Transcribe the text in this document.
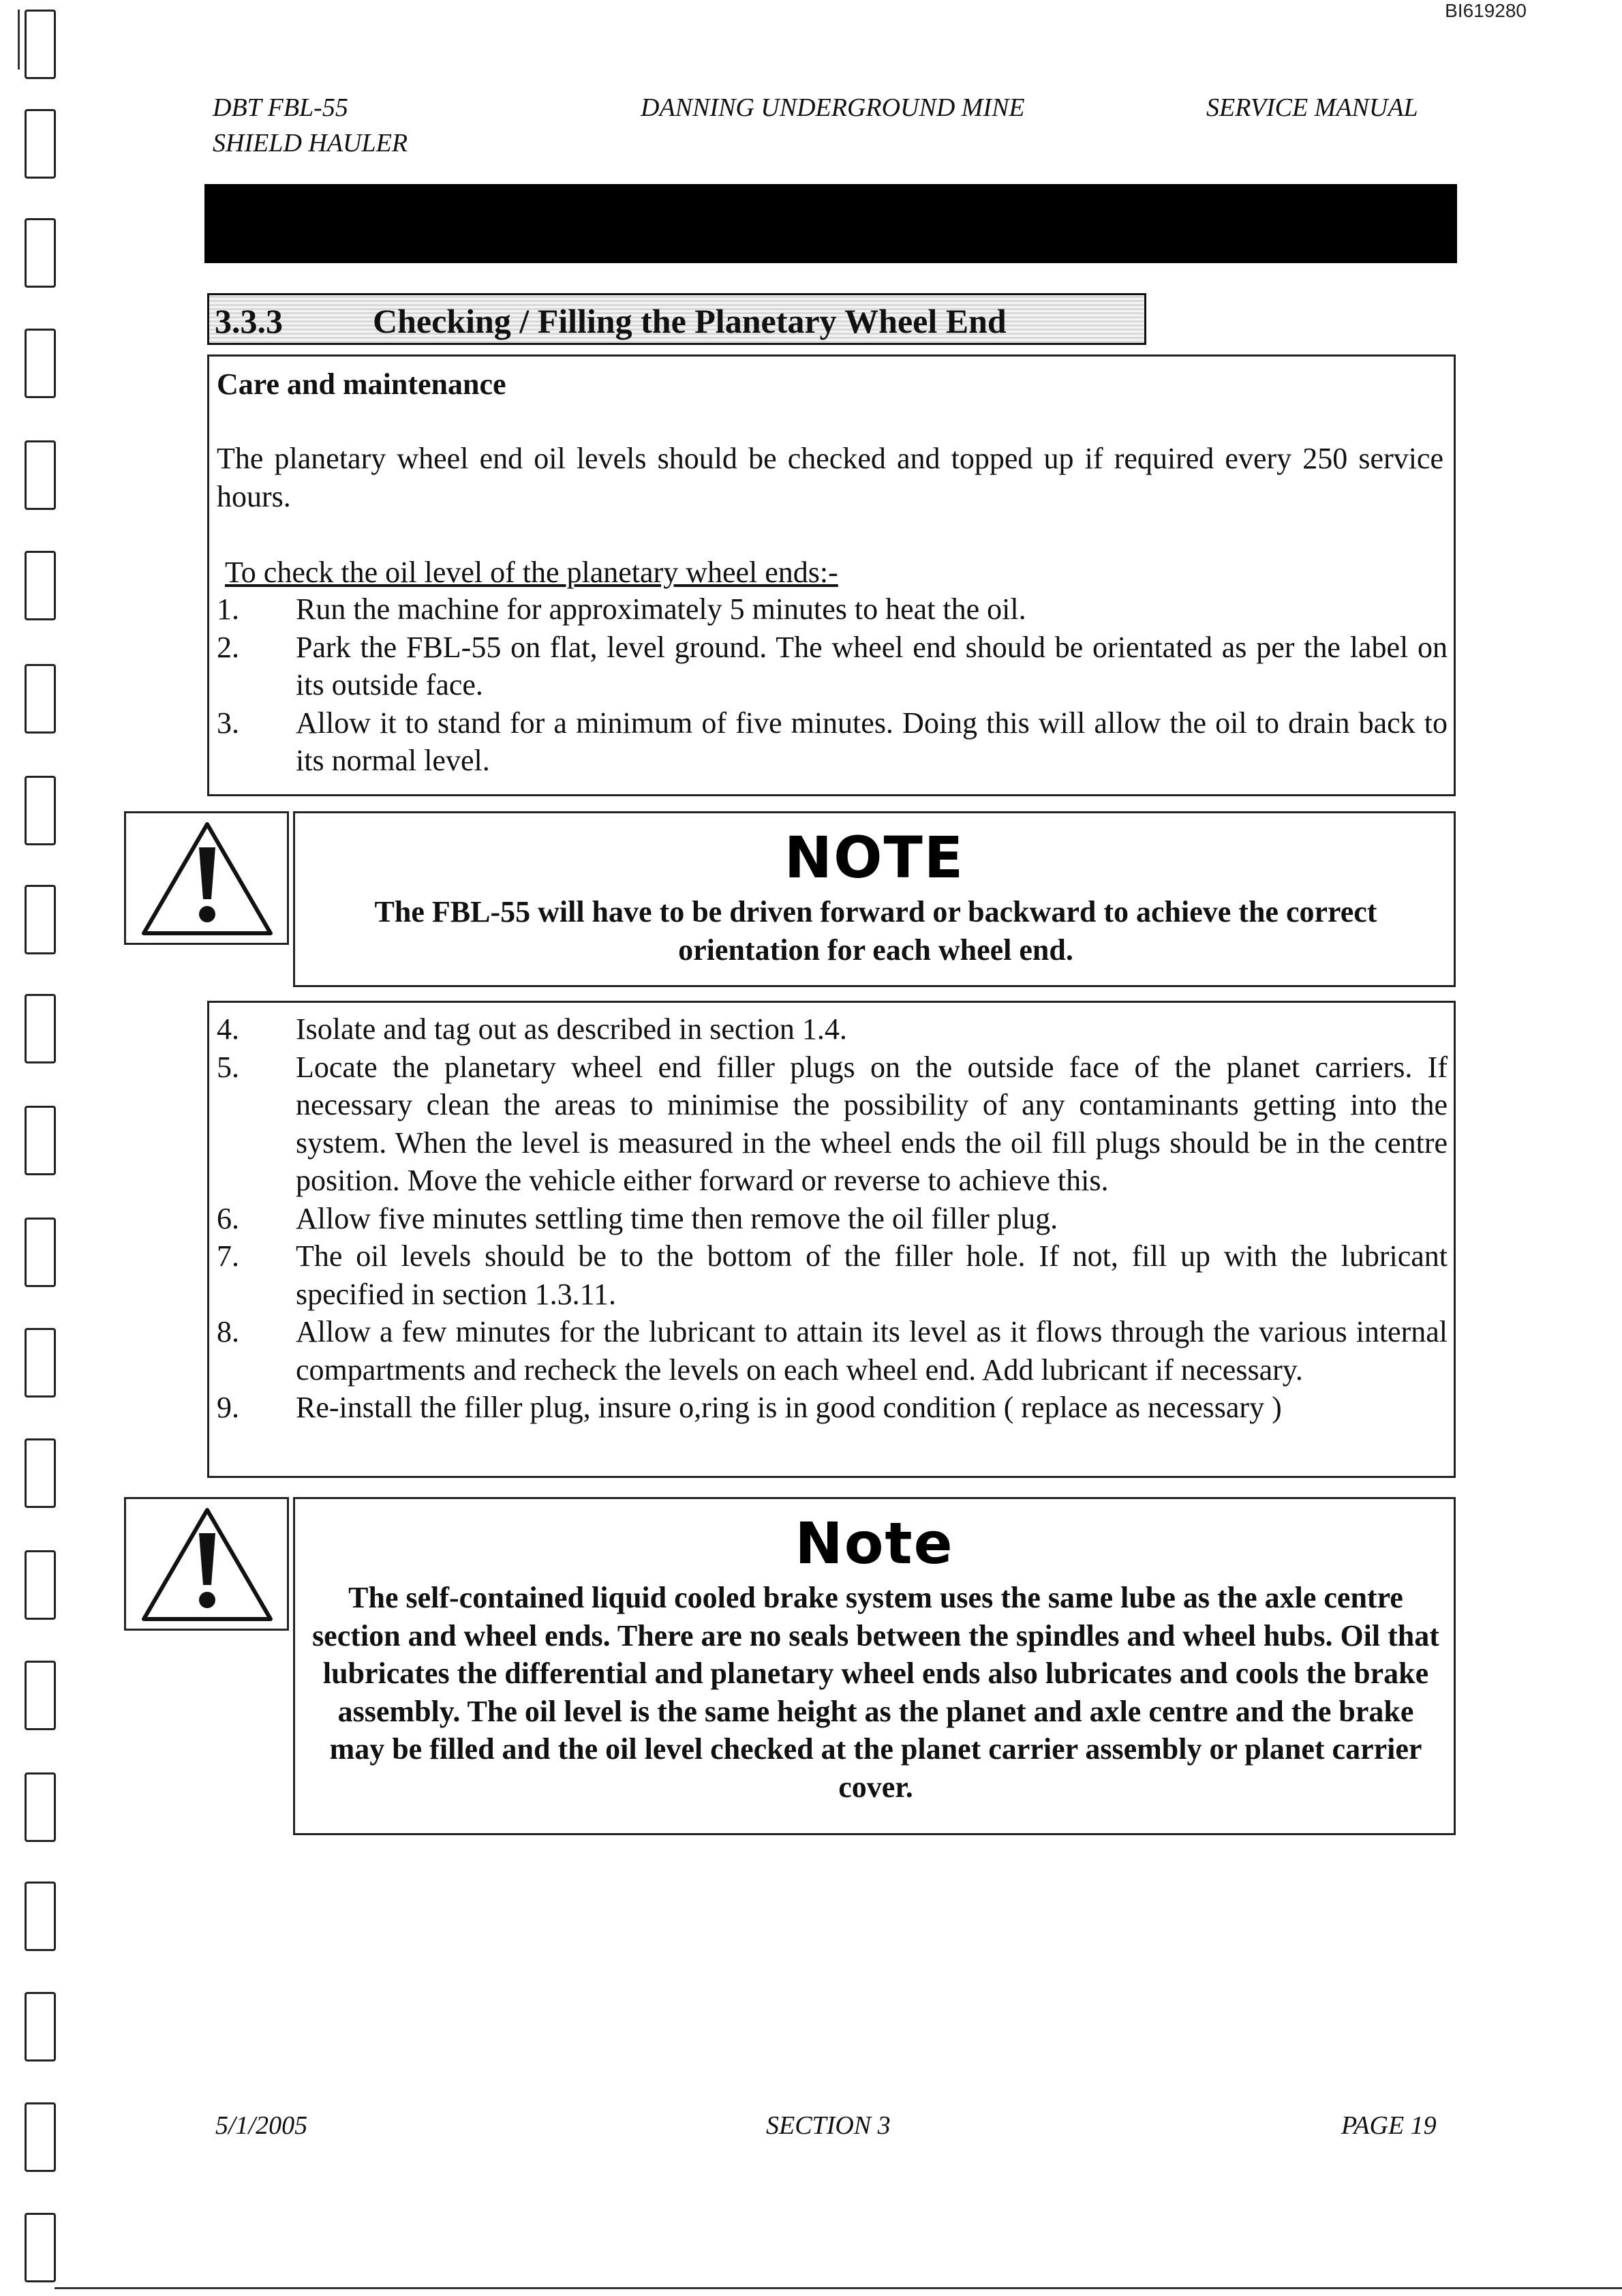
BI619280
DBT FBL-55
SHIELD HAULER
DANNING UNDERGROUND MINE	SERVICE MANUAL
3.3.3	Checking / Filling the Planetary Wheel End
Care and maintenance
The planetary wheel end oil levels should be checked and topped up if required every 250 service hours.
To check the oil level of the planetary wheel ends:-
1.	Run the machine for approximately 5 minutes to heat the oil.
2.	Park the FBL-55 on flat, level ground. The wheel end should be orientated as per the label on its outside face.
3.	Allow it to stand for a minimum of five minutes. Doing this will allow the oil to drain back to its normal level.
NOTE
The FBL-55 will have to be driven forward or backward to achieve the correct orientation for each wheel end.
4.	Isolate and tag out as described in section 1.4.
5.	Locate the planetary wheel end filler plugs on the outside face of the planet carriers. If necessary clean the areas to minimise the possibility of any contaminants getting into the system. When the level is measured in the wheel ends the oil fill plugs should be in the centre position. Move the vehicle either forward or reverse to achieve this.
6.	Allow five minutes settling time then remove the oil filler plug.
7.	The oil levels should be to the bottom of the filler hole. If not, fill up with the lubricant specified in section 1.3.11.
8.	Allow a few minutes for the lubricant to attain its level as it flows through the various internal compartments and recheck the levels on each wheel end. Add lubricant if necessary.
9.	Re-install the filler plug, insure o,ring is in good condition ( replace as necessary )
Note
The self-contained liquid cooled brake system uses the same lube as the axle centre section and wheel ends. There are no seals between the spindles and wheel hubs. Oil that lubricates the differential and planetary wheel ends also lubricates and cools the brake assembly. The oil level is the same height as the planet and axle centre and the brake may be filled and the oil level checked at the planet carrier assembly or planet carrier cover.
5/1/2005	SECTION 3	PAGE 19
